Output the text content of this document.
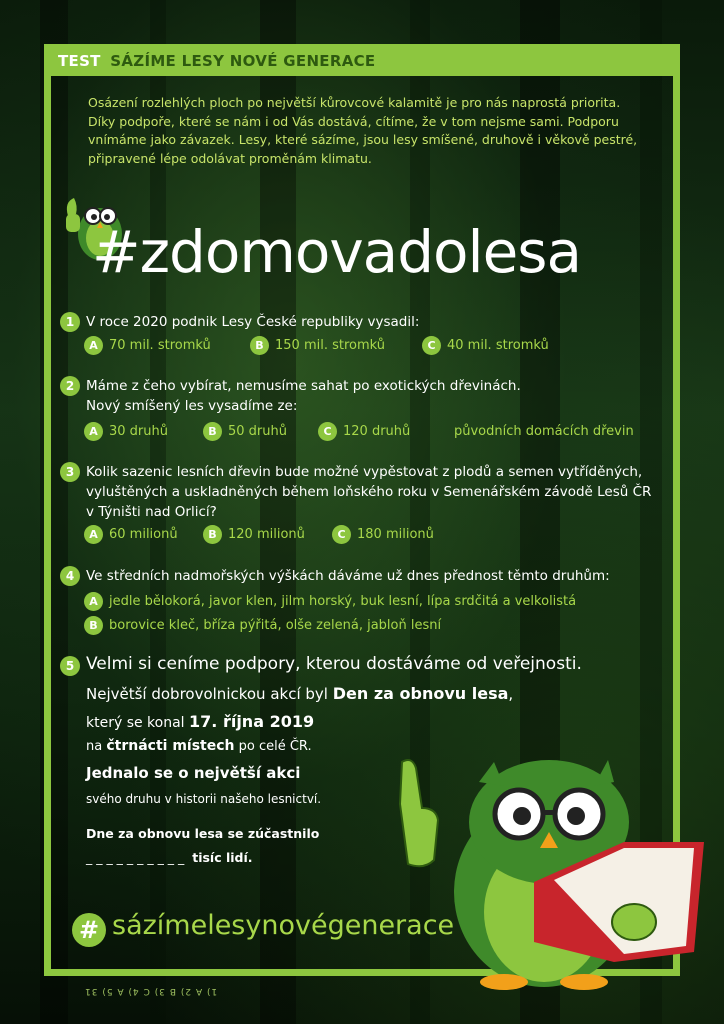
TEST SÁZÍME LESY NOVÉ GENERACE
Osázení rozlehlých ploch po největší kůrovcové kalamitě je pro nás naprostá priorita. Díky podpoře, které se nám i od Vás dostává, cítíme, že v tom nejsme sami. Podporu vnímáme jako závazek. Lesy, které sázíme, jsou lesy smíšené, druhově i věkově pestré, připravené lépe odolávat proměnám klimatu.
#zdomovadolesa
1 V roce 2020 podnik Lesy České republiky vysadil:
A 70 mil. stromků	B 150 mil. stromků	C 40 mil. stromků
2 Máme z čeho vybírat, nemusíme sahat po exotických dřevinách.
Nový smíšený les vysadíme ze:
A 30 druhů	B 50 druhů	C 120 druhů	původních domácích dřevin
3 Kolik sazenic lesních dřevin bude možné vypěstovat z plodů a semen vytříděných,
vyluštěných a uskladněných během loňského roku v Semenářském závodě Lesů ČR
v Týništi nad Orlicí?
A 60 milionů	B 120 milionů	C 180 milionů
4 Ve středních nadmořských výškách dáváme už dnes přednost těmto druhům:
A jedle bělokorá, javor klen, jilm horský, buk lesní, lípa srdčitá a velkolistá
B borovice kleč, bříza pýřitá, olše zelená, jabloň lesní
5 Velmi si ceníme podpory, kterou dostáváme od veřejnosti.
Největší dobrovolnickou akcí byl Den za obnovu lesa,
který se konal 17. října 2019
na čtrnácti místech po celé ČR.
Jednalo se o největší akci
svého druhu v historii našeho lesnictví.
Dne za obnovu lesa se zúčastnilo
_ _ _ _ _ _ _ _ _ _ tisíc lidí.
# sázímelesynovégenerace
1) A 2) B 3) C 4) A 5) 31
